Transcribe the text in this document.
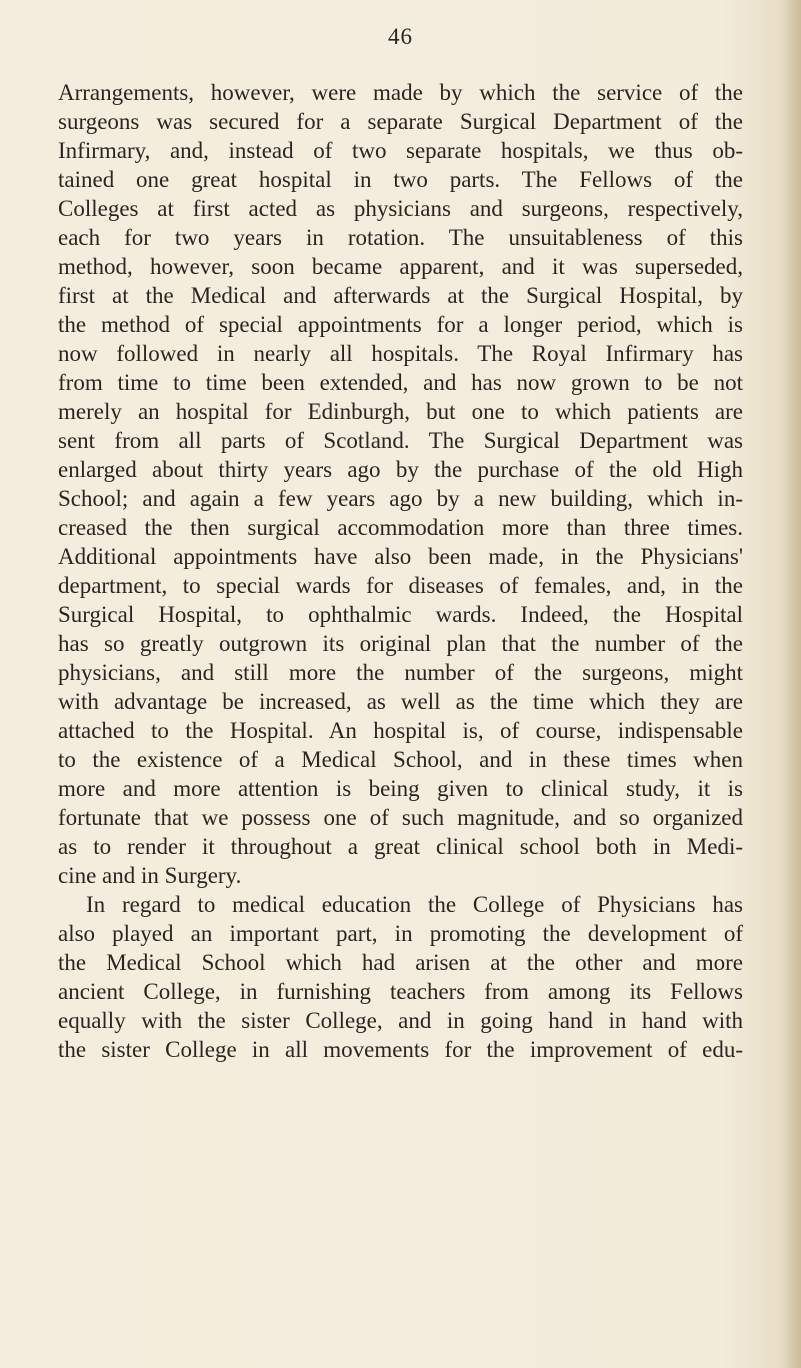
46
Arrangements, however, were made by which the service of the
surgeons was secured for a separate Surgical Department of the
Infirmary, and, instead of two separate hospitals, we thus ob-
tained one great hospital in two parts. The Fellows of the
Colleges at first acted as physicians and surgeons, respectively,
each for two years in rotation. The unsuitableness of this
method, however, soon became apparent, and it was superseded,
first at the Medical and afterwards at the Surgical Hospital, by
the method of special appointments for a longer period, which is
now followed in nearly all hospitals. The Royal Infirmary has
from time to time been extended, and has now grown to be not
merely an hospital for Edinburgh, but one to which patients are
sent from all parts of Scotland. The Surgical Department was
enlarged about thirty years ago by the purchase of the old High
School; and again a few years ago by a new building, which in-
creased the then surgical accommodation more than three times.
Additional appointments have also been made, in the Physicians'
department, to special wards for diseases of females, and, in the
Surgical Hospital, to ophthalmic wards. Indeed, the Hospital
has so greatly outgrown its original plan that the number of the
physicians, and still more the number of the surgeons, might
with advantage be increased, as well as the time which they are
attached to the Hospital. An hospital is, of course, indispensable
to the existence of a Medical School, and in these times when
more and more attention is being given to clinical study, it is
fortunate that we possess one of such magnitude, and so organized
as to render it throughout a great clinical school both in Medi-
cine and in Surgery.
In regard to medical education the College of Physicians has
also played an important part, in promoting the development of
the Medical School which had arisen at the other and more
ancient College, in furnishing teachers from among its Fellows
equally with the sister College, and in going hand in hand with
the sister College in all movements for the improvement of edu-
